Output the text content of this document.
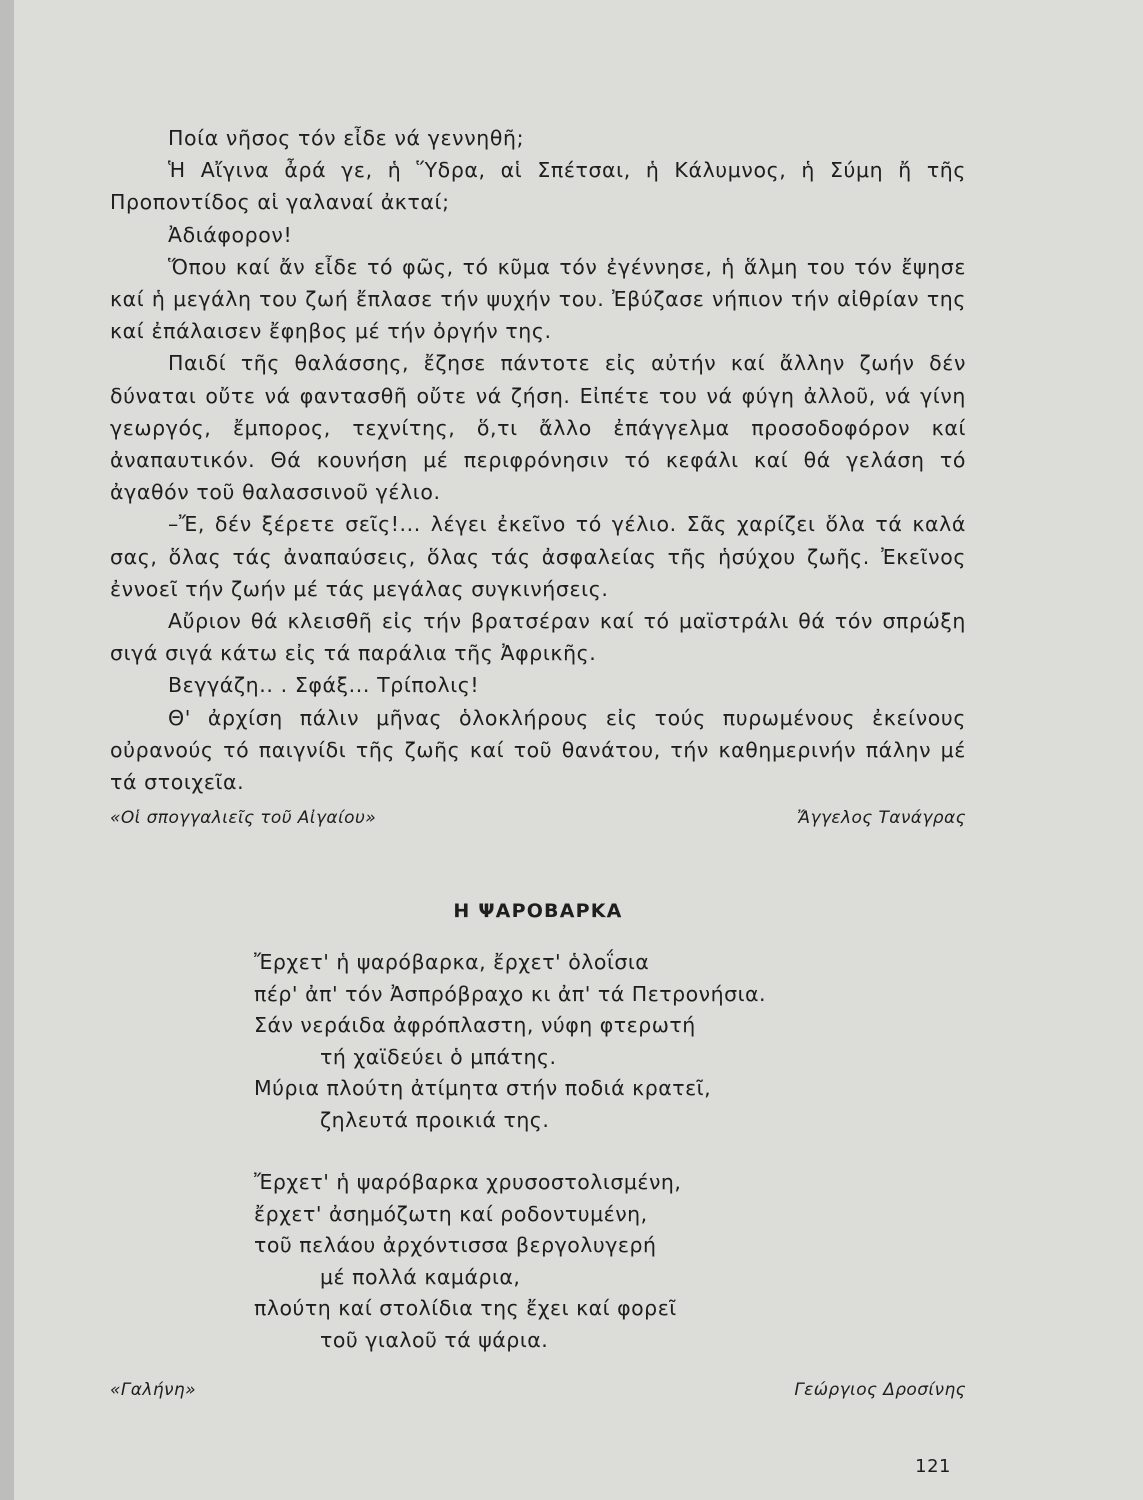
Ποία νῆσος τόν εἶδε νά γεννηθῆ;

Ἡ Αἴγινα ἆρά γε, ἡ Ὕδρα, αἱ Σπέτσαι, ἡ Κάλυμνος, ἡ Σύμη ἤ τῆς Προποντίδος αἱ γαλαναί ἀκταί;

Ἀδιάφορον!

Ὅπου καί ἄν εἶδε τό φῶς, τό κῦμα τόν ἐγέννησε, ἡ ἅλμη του τόν ἔψησε καί ἡ μεγάλη του ζωή ἔπλασε τήν ψυχήν του. Ἐβύζασε νήπιον τήν αἰθρίαν της καί ἐπάλαισεν ἔφηβος μέ τήν ὀργήν της.

Παιδί τῆς θαλάσσης, ἔζησε πάντοτε εἰς αὐτήν καί ἄλλην ζωήν δέν δύναται οὔτε νά φαντασθῆ οὔτε νά ζήση. Εἰπέτε του νά φύγη ἀλλοῦ, νά γίνη γεωργός, ἔμπορος, τεχνίτης, ὅ,τι ἄλλο ἐπάγγελμα προσοδοφόρον καί ἀναπαυτικόν. Θά κουνήση μέ περιφρόνησιν τό κεφάλι καί θά γελάση τό ἀγαθόν τοῦ θαλασσινοῦ γέλιο.

–Ἔ, δέν ξέρετε σεῖς!... λέγει ἐκεῖνο τό γέλιο. Σᾶς χαρίζει ὅλα τά καλά σας, ὅλας τάς ἀναπαύσεις, ὅλας τάς ἀσφαλείας τῆς ἡσύχου ζωῆς. Ἐκεῖνος ἐννοεῖ τήν ζωήν μέ τάς μεγάλας συγκινήσεις.

Αὔριον θά κλεισθῆ εἰς τήν βρατσέραν καί τό μαϊστράλι θά τόν σπρώξη σιγά σιγά κάτω εἰς τά παράλια τῆς Ἀφρικῆς.

Βεγγάζη.. . Σφάξ... Τρίπολις!

Θ' ἀρχίση πάλιν μῆνας ὁλοκλήρους εἰς τούς πυρωμένους ἐκείνους οὐρανούς τό παιγνίδι τῆς ζωῆς καί τοῦ θανάτου, τήν καθημερινήν πάλην μέ τά στοιχεῖα.

«Οἱ σπογγαλιεῖς τοῦ Αἰγαίου»	Ἄγγελος Τανάγρας
Η ΨΑΡΟΒΑΡΚΑ
Ἔρχετ' ἡ ψαρόβαρκα, ἔρχετ' ὁλοΐσια
πέρ' ἀπ' τόν Ἀσπρόβραχο κι ἀπ' τά Πετρονήσια.
Σάν νεράιδα ἀφρόπλαστη, νύφη φτερωτή
τή χαϊδεύει ὁ μπάτης.
Μύρια πλούτη ἀτίμητα στήν ποδιά κρατεῖ,
ζηλευτά προικιά της.
Ἔρχετ' ἡ ψαρόβαρκα χρυσοστολισμένη,
ἔρχετ' ἀσημόζωτη καί ροδοντυμένη,
τοῦ πελάου ἀρχόντισσα βεργολυγερή
μέ πολλά καμάρια,
πλούτη καί στολίδια της ἔχει καί φορεῖ
τοῦ γιαλοῦ τά ψάρια.
«Γαλήνη»	Γεώργιος Δροσίνης
121
